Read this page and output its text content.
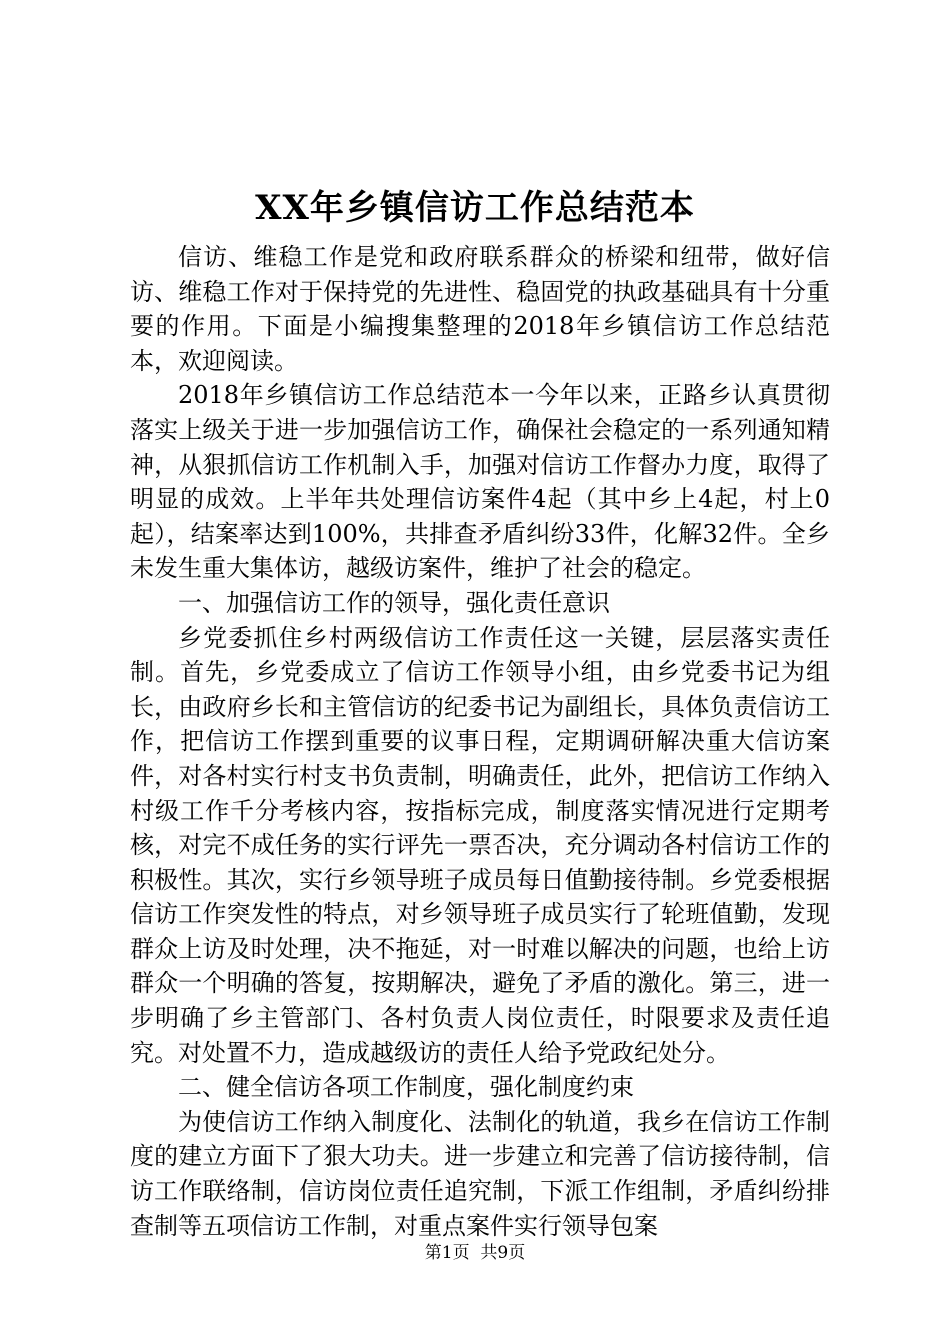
XX年乡镇信访工作总结范本

信访、维稳工作是党和政府联系群众的桥梁和纽带，做好信访、维稳工作对于保持党的先进性、稳固党的执政基础具有十分重要的作用。下面是小编搜集整理的2018年乡镇信访工作总结范本，欢迎阅读。

2018年乡镇信访工作总结范本一今年以来，正路乡认真贯彻落实上级关于进一步加强信访工作，确保社会稳定的一系列通知精神，从狠抓信访工作机制入手，加强对信访工作督办力度，取得了明显的成效。上半年共处理信访案件4起（其中乡上4起，村上0起），结案率达到100%，共排查矛盾纠纷33件，化解32件。全乡未发生重大集体访，越级访案件，维护了社会的稳定。

一、加强信访工作的领导，强化责任意识

乡党委抓住乡村两级信访工作责任这一关键，层层落实责任制。首先，乡党委成立了信访工作领导小组，由乡党委书记为组长，由政府乡长和主管信访的纪委书记为副组长，具体负责信访工作，把信访工作摆到重要的议事日程，定期调研解决重大信访案件，对各村实行村支书负责制，明确责任，此外，把信访工作纳入村级工作千分考核内容，按指标完成，制度落实情况进行定期考核，对完不成任务的实行评先一票否决，充分调动各村信访工作的积极性。其次，实行乡领导班子成员每日值勤接待制。乡党委根据信访工作突发性的特点，对乡领导班子成员实行了轮班值勤，发现群众上访及时处理，决不拖延，对一时难以解决的问题，也给上访群众一个明确的答复，按期解决，避免了矛盾的激化。第三，进一步明确了乡主管部门、各村负责人岗位责任，时限要求及责任追究。对处置不力，造成越级访的责任人给予党政纪处分。

二、健全信访各项工作制度，强化制度约束

为使信访工作纳入制度化、法制化的轨道，我乡在信访工作制度的建立方面下了狠大功夫。进一步建立和完善了信访接待制，信访工作联络制，信访岗位责任追究制，下派工作组制，矛盾纠纷排查制等五项信访工作制，对重点案件实行领导包案

第1页 共9页
